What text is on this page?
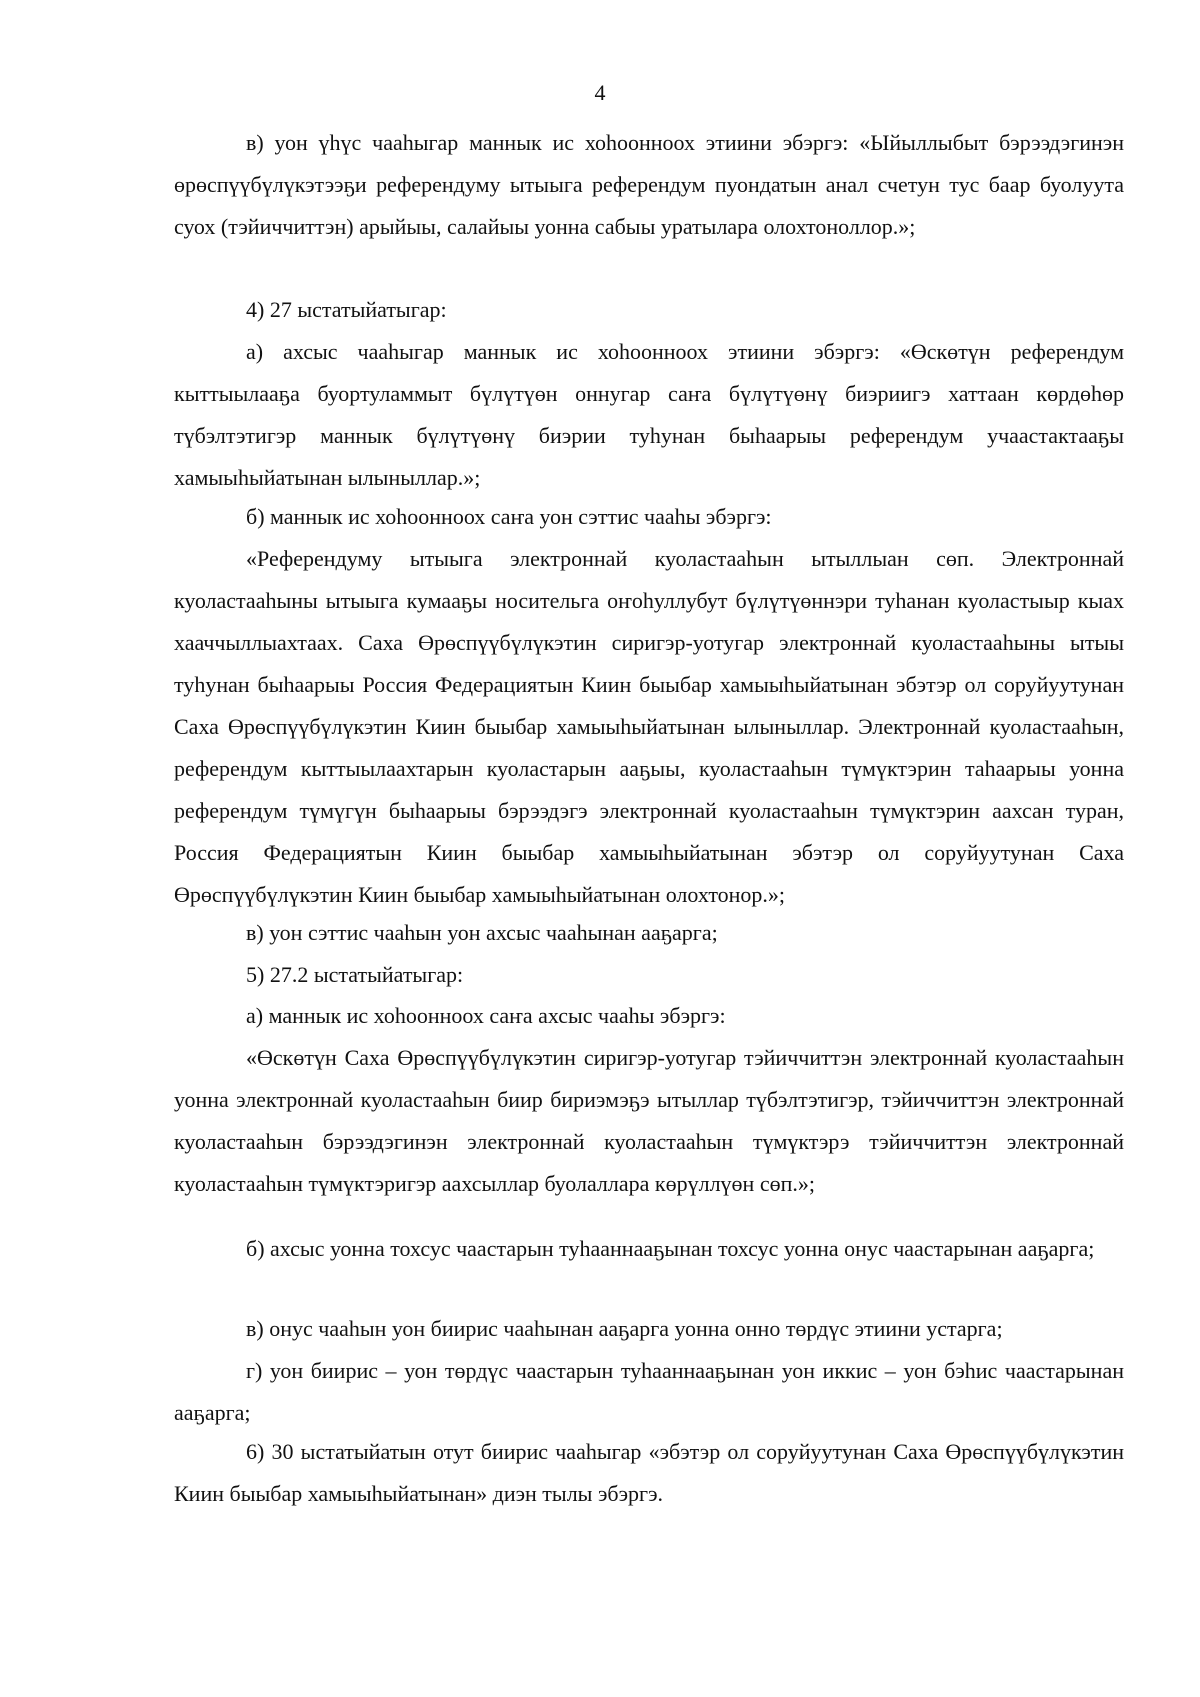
4

в) уон үһүс чааһыгар маннык ис хоһоонноох этиини эбэргэ: «Ыйыллыбыт бэрээдэгинэн өрөспүүбүлүкэтээҕи референдуму ытыыга референдум пуондатын анал счетун тус баар буолуута суох (тэйиччиттэн) арыйыы, салайыы уонна сабыы уратылара олохтоноллор.»;

4) 27 ыстатыйатыгар:

а) ахсыс чааһыгар маннык ис хоһоонноох этиини эбэргэ: «Өскөтүн референдум кыттыылааҕа буортуламмыт бүлүтүөн оннугар саҥа бүлүтүөнү биэриигэ хаттаан көрдөһөр түбэлтэтигэр маннык бүлүтүөнү биэрии туһунан быһаарыы референдум учаастактааҕы хамыыһыйатынан ылыныллар.»;

б) маннык ис хоһоонноох саҥа уон сэттис чааһы эбэргэ:

«Референдуму ытыыга электроннай куоластааһын ытыллыан сөп. Электроннай куоластааһыны ытыыга кумааҕы носительга оҥоһуллубут бүлүтүөннэри туһанан куоластыыр кыах хааччыллыахтаах. Саха Өрөспүүбүлүкэтин сиригэр-уотугар электроннай куоластааһыны ытыы туһунан быһаарыы Россия Федерациятын Киин быыбар хамыыһыйатынан эбэтэр ол соруйуутунан Саха Өрөспүүбүлүкэтин Киин быыбар хамыыһыйатынан ылыныллар. Электроннай куоластааһын, референдум кыттыылаахтарын куоластарын ааҕыы, куоластааһын түмүктэрин таһаарыы уонна референдум түмүгүн быһаарыы бэрээдэгэ электроннай куоластааһын түмүктэрин аахсан туран, Россия Федерациятын Киин быыбар хамыыһыйатынан эбэтэр ол соруйуутунан Саха Өрөспүүбүлүкэтин Киин быыбар хамыыһыйатынан олохтонор.»;

в) уон сэттис чааһын уон ахсыс чааһынан ааҕарга;

5) 27.2 ыстатыйатыгар:

а) маннык ис хоһоонноох саҥа ахсыс чааһы эбэргэ:

«Өскөтүн Саха Өрөспүүбүлүкэтин сиригэр-уотугар тэйиччиттэн электроннай куоластааһын уонна электроннай куоластааһын биир бириэмэҕэ ытыллар түбэлтэтигэр, тэйиччиттэн электроннай куоластааһын бэрээдэгинэн электроннай куоластааһын түмүктэрэ тэйиччиттэн электроннай куоластааһын түмүктэригэр аахсыллар буолаллара көрүллүөн сөп.»;

б) ахсыс уонна тохсус чаастарын туһааннааҕынан тохсус уонна онус чаастарынан ааҕарга;

в) онус чааһын уон биирис чааһынан ааҕарга уонна онно төрдүс этиини устарга;

г) уон биирис – уон төрдүс чаастарын туһааннааҕынан уон иккис – уон бэһис чаастарынан ааҕарга;

6) 30 ыстатыйатын отут биирис чааһыгар «эбэтэр ол соруйуутунан Саха Өрөспүүбүлүкэтин Киин быыбар хамыыһыйатынан» диэн тылы эбэргэ.
